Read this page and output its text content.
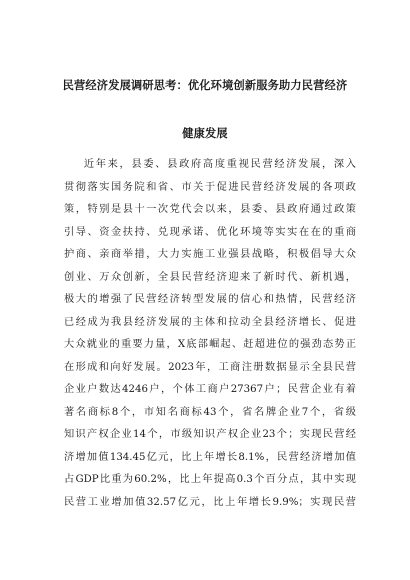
民营经济发展调研思考：优化环境创新服务助力民营经济
健康发展
近年来，县委、县政府高度重视民营经济发展，深入
贯彻落实国务院和省、市关于促进民营经济发展的各项政
策，特别是县十一次党代会以来，县委、县政府通过政策
引导、资金扶持、兑现承诺、优化环境等实实在在的重商
护商、亲商举措，大力实施工业强县战略，积极倡导大众
创业、万众创新，全县民营经济迎来了新时代、新机遇，
极大的增强了民营经济转型发展的信心和热情，民营经济
已经成为我县经济发展的主体和拉动全县经济增长、促进
大众就业的重要力量，X底部崛起、赶超进位的强劲态势正
在形成和向好发展。2023年，工商注册数据显示全县民营
企业户数达4246户，个体工商户27367户；民营企业有着
著名商标8个，市知名商标43个，省名牌企业7个，省级
知识产权企业14个，市级知识产权企业23个；实现民营经
济增加值134.45亿元，比上年增长8.1%，民营经济增加值
占GDP比重为60.2%，比上年提高0.3个百分点，其中实现
民营工业增加值32.57亿元，比上年增长9.9%；实现民营
